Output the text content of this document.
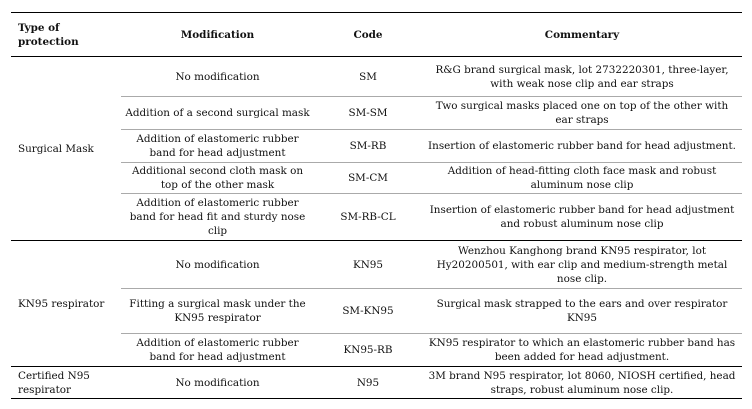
Type of protection	Modification	Code	Commentary
Surgical Mask	No modification	SM	R&G brand surgical mask, lot 2732220301, three-layer, with weak nose clip and ear straps
	Addition of a second surgical mask	SM-SM	Two surgical masks placed one on top of the other with ear straps
	Addition of elastomeric rubber band for head adjustment	SM-RB	Insertion of elastomeric rubber band for head adjustment.
	Additional second cloth mask on top of the other mask	SM-CM	Addition of head-fitting cloth face mask and robust aluminum nose clip
	Addition of elastomeric rubber band for head fit and sturdy nose clip	SM-RB-CL	Insertion of elastomeric rubber band for head adjustment and robust aluminum nose clip
KN95 respirator	No modification	KN95	Wenzhou Kanghong brand KN95 respirator, lot Hy20200501, with ear clip and medium-strength metal nose clip.
	Fitting a surgical mask under the KN95 respirator	SM-KN95	Surgical mask strapped to the ears and over respirator KN95
	Addition of elastomeric rubber band for head adjustment	KN95-RB	KN95 respirator to which an elastomeric rubber band has been added for head adjustment.
Certified N95 respirator	No modification	N95	3M brand N95 respirator, lot 8060, NIOSH certified, head straps, robust aluminum nose clip.
